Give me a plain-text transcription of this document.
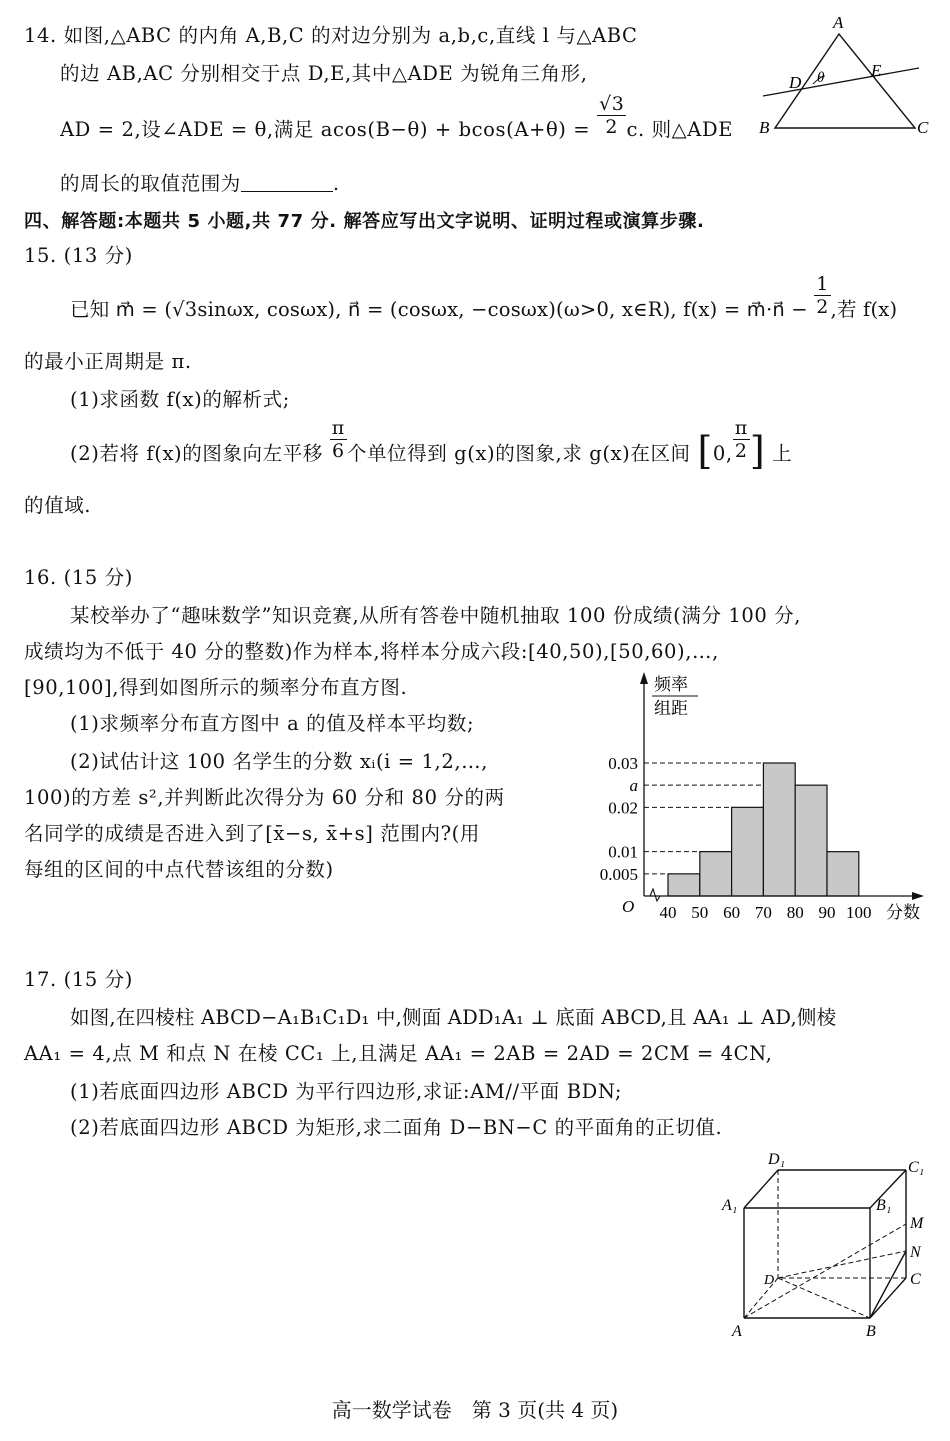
14. 如图,△ABC 的内角 A,B,C 的对边分别为 a,b,c,直线 l 与△ABC
的边 AB,AC 分别相交于点 D,E,其中△ADE 为锐角三角形,
AD = 2,设∠ADE = θ,满足 $acos(B-\theta) + bcos(A+\theta) = \frac{√3}{2} c$. 则△ADE
的周长的取值范围为	.
A
B	C
D
E
θ
四、解答题:本题共 5 小题,共 77 分. 解答应写出文字说明、证明过程或演算步骤.
15. (13 分)
已知 m⃗ = (√3sinωx, cosωx), n⃗ = (cosωx, −cosωx)(ω>0, x∈R), f(x) = m⃗·n⃗ − $\frac{1}{2}$ ,若 f(x)
的最小正周期是 π.
(1)求函数 f(x)的解析式;
(2)若将 f(x)的图象向左平移 $\frac{\pi}{6}$ 个单位得到 g(x)的图象,求 g(x)在区间 [0, $\frac{\pi}{2}$ ] 上
的值域.
16. (15 分)
某校举办了“趣味数学”知识竞赛,从所有答卷中随机抽取 100 份成绩(满分 100 分,
成绩均为不低于 40 分的整数)作为样本,将样本分成六段:[40,50),[50,60),…,
[90,100],得到如图所示的频率分布直方图.
(1)求频率分布直方图中 a 的值及样本平均数;
(2)试估计这 100 名学生的分数 xᵢ(i = 1,2,…,
100)的方差 s²,并判断此次得分为 60 分和 80 分的两
名同学的成绩是否进入到了[x̄−s, x̄+s] 范围内?(用
每组的区间的中点代替该组的分数)	0.005
0.01
0.02
a
0.03
40 50 60 70 80 90 100
频率
组距
O	分数
17. (15 分)
如图,在四棱柱 ABCD−A₁B₁C₁D₁ 中,侧面 ADD₁A₁ ⊥ 底面 ABCD,且 AA₁ ⊥ AD,侧棱
AA₁ = 4,点 M 和点 N 在棱 CC₁ 上,且满足 AA₁ = 2AB = 2AD = 2CM = 4CN,
(1)若底面四边形 ABCD 为平行四边形,求证:AM//平面 BDN;
(2)若底面四边形 ABCD 为矩形,求二面角 D−BN−C 的平面角的正切值.
A	B
C
D
A₁	B₁
C₁
D₁
M
N
高一数学试卷　第 3 页(共 4 页)
